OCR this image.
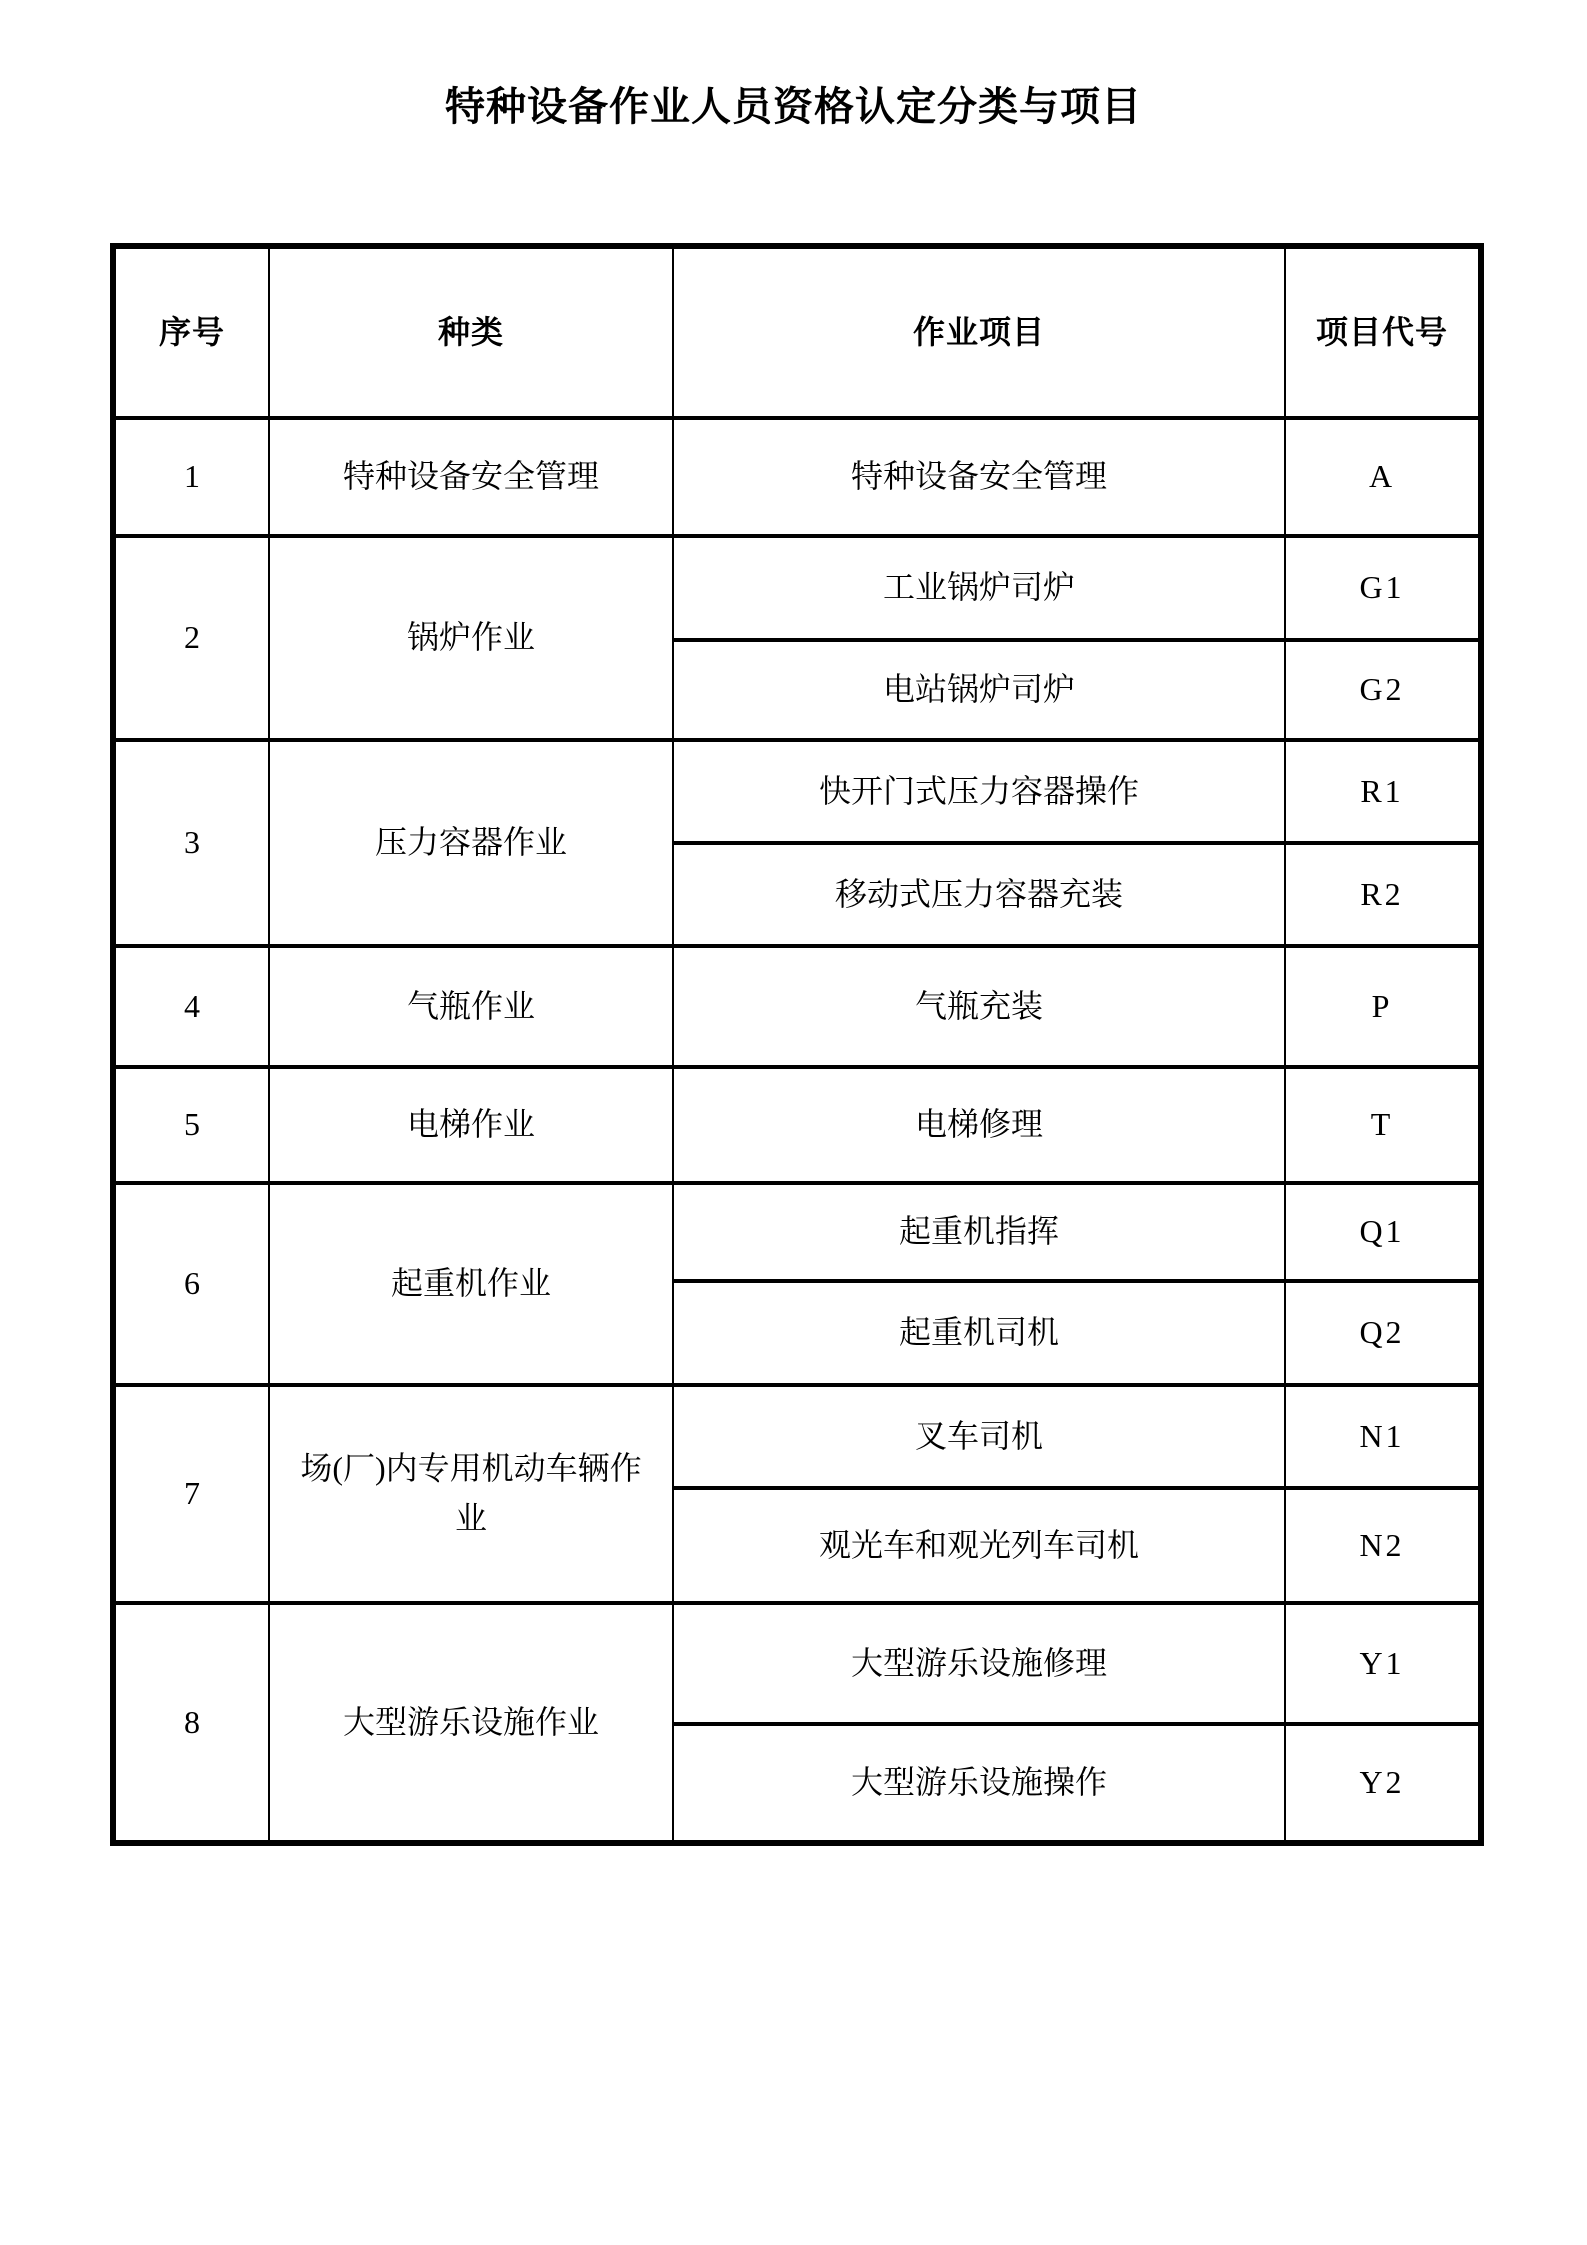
特种设备作业人员资格认定分类与项目
序号	种类	作业项目	项目代号
1	特种设备安全管理	特种设备安全管理	A
2	锅炉作业	工业锅炉司炉	G1
		电站锅炉司炉	G2
3	压力容器作业	快开门式压力容器操作	R1
		移动式压力容器充装	R2
4	气瓶作业	气瓶充装	P
5	电梯作业	电梯修理	T
6	起重机作业	起重机指挥	Q1
		起重机司机	Q2
7	场(厂)内专用机动车辆作业	叉车司机	N1
		观光车和观光列车司机	N2
8	大型游乐设施作业	大型游乐设施修理	Y1
		大型游乐设施操作	Y2
